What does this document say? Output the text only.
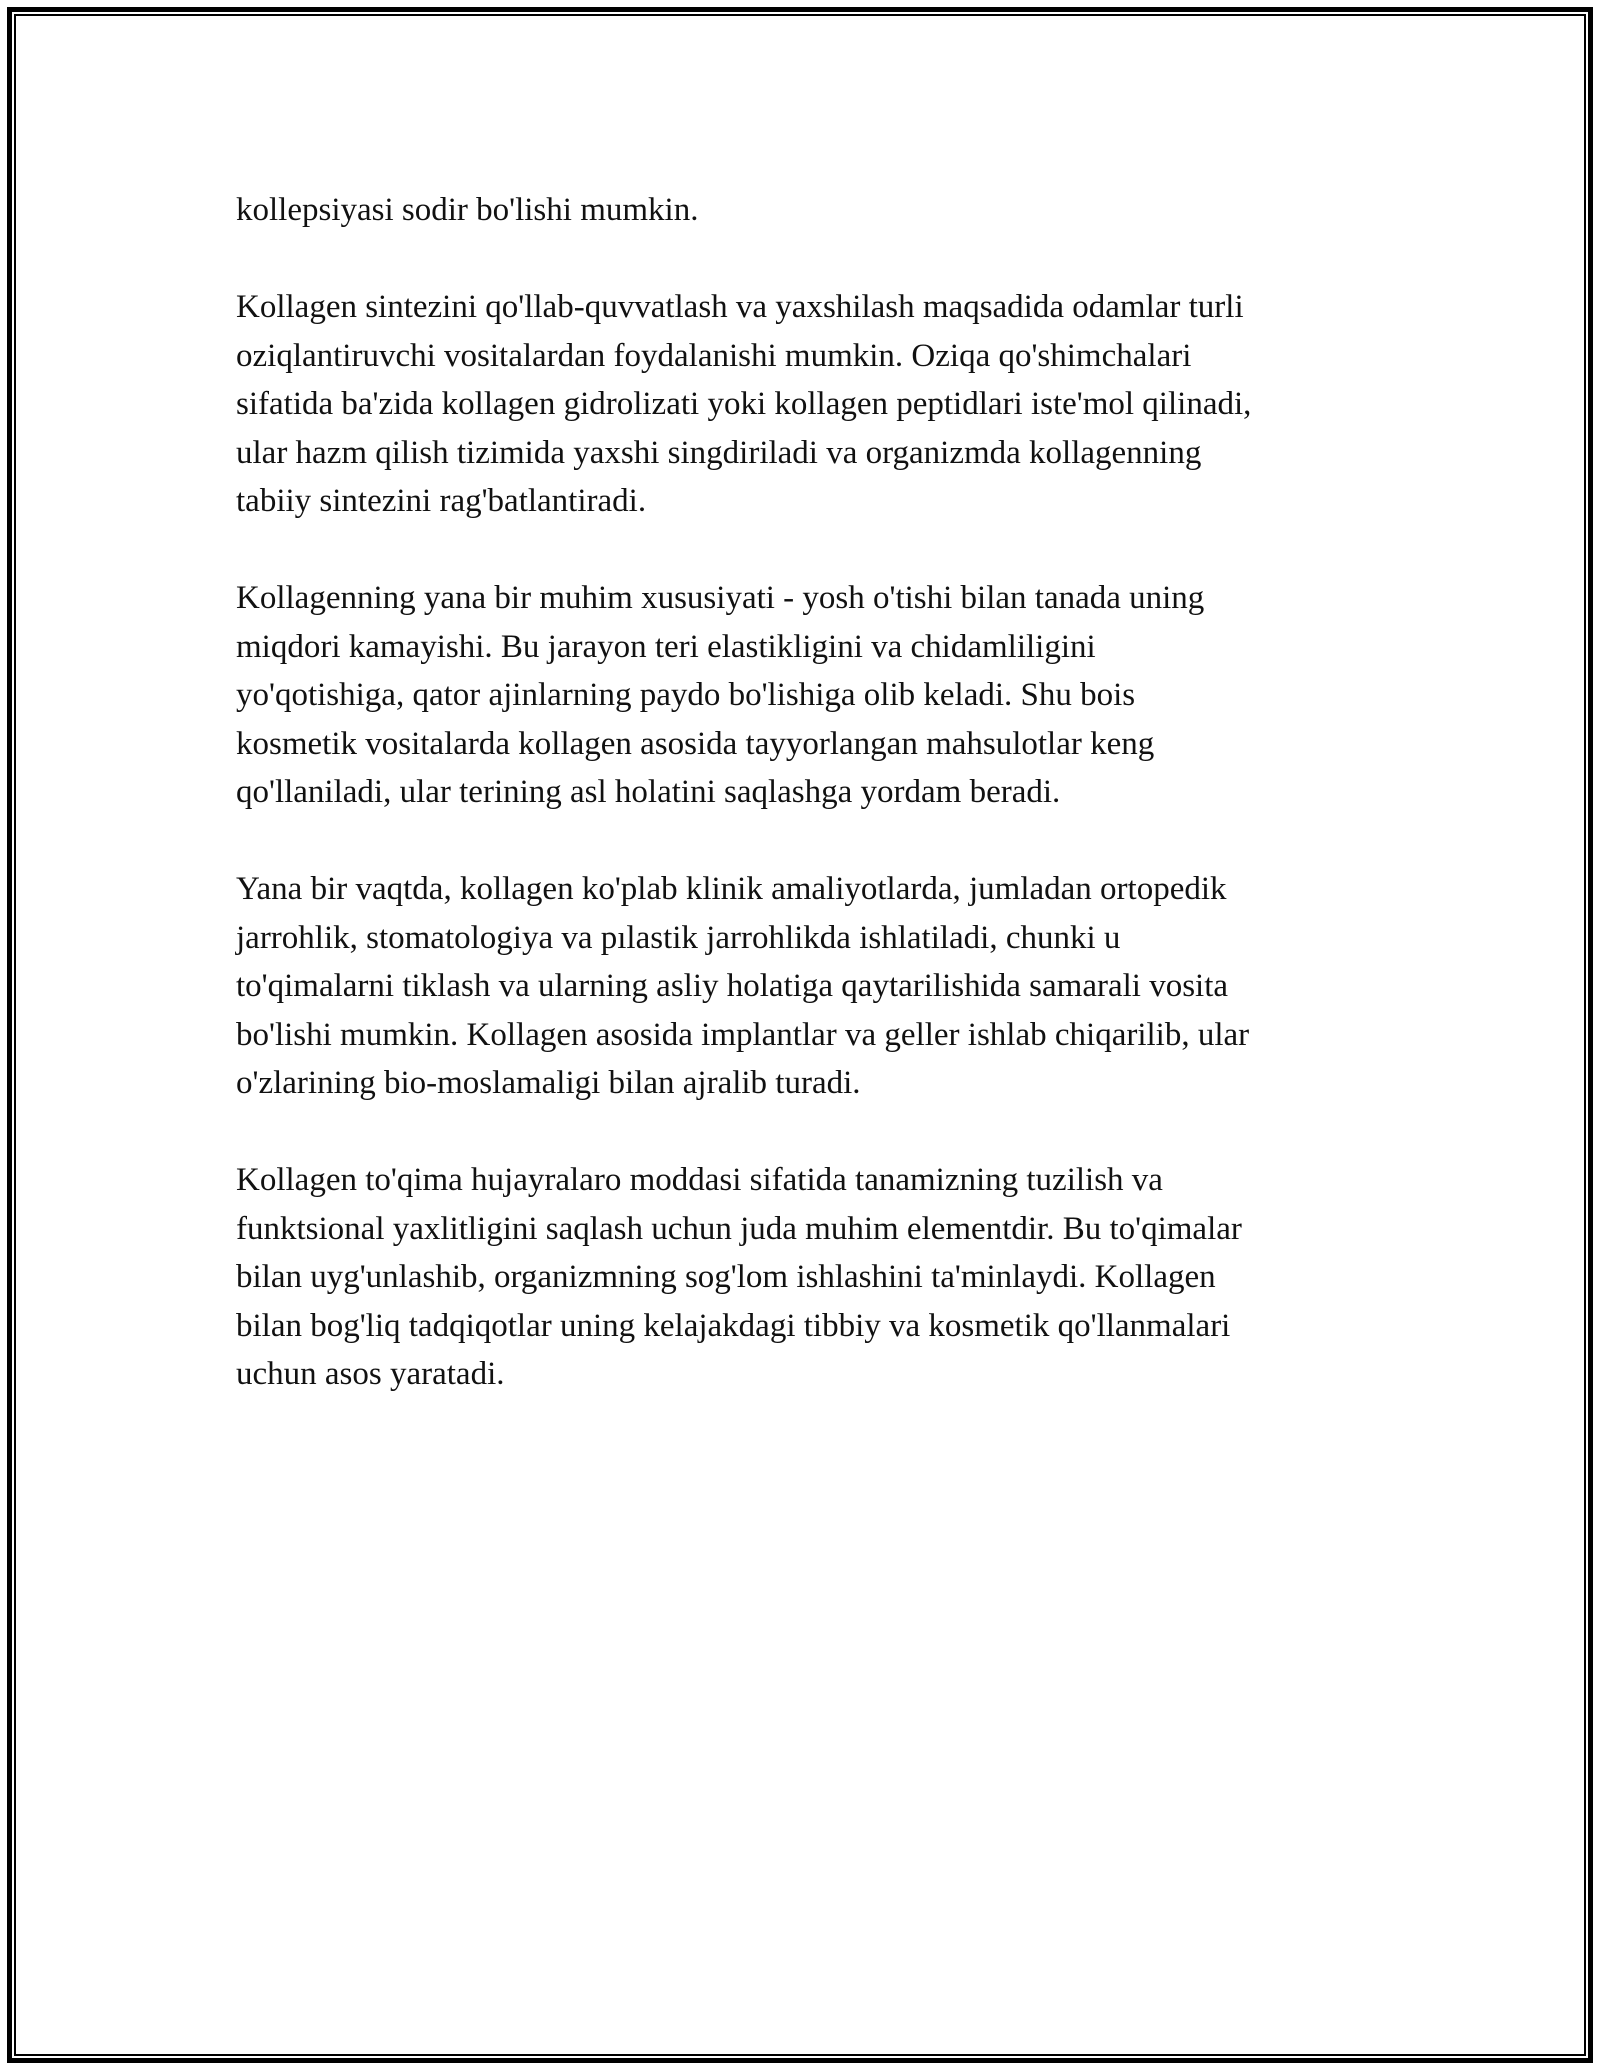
kollepsiyasi sodir bo'lishi mumkin.

Kollagen sintezini qo'llab-quvvatlash va yaxshilash maqsadida odamlar turli
oziqlantiruvchi vositalardan foydalanishi mumkin. Oziqa qo'shimchalari
sifatida ba'zida kollagen gidrolizati yoki kollagen peptidlari iste'mol qilinadi,
ular hazm qilish tizimida yaxshi singdiriladi va organizmda kollagenning
tabiiy sintezini rag'batlantiradi.

Kollagenning yana bir muhim xususiyati - yosh o'tishi bilan tanada uning
miqdori kamayishi. Bu jarayon teri elastikligini va chidamliligini
yo'qotishiga, qator ajinlarning paydo bo'lishiga olib keladi. Shu bois
kosmetik vositalarda kollagen asosida tayyorlangan mahsulotlar keng
qo'llaniladi, ular terining asl holatini saqlashga yordam beradi.

Yana bir vaqtda, kollagen ko'plab klinik amaliyotlarda, jumladan ortopedik
jarrohlik, stomatologiya va pılastik jarrohlikda ishlatiladi, chunki u
to'qimalarni tiklash va ularning asliy holatiga qaytarilishida samarali vosita
bo'lishi mumkin. Kollagen asosida implantlar va geller ishlab chiqarilib, ular
o'zlarining bio-moslamaligi bilan ajralib turadi.

Kollagen to'qima hujayralaro moddasi sifatida tanamizning tuzilish va
funktsional yaxlitligini saqlash uchun juda muhim elementdir. Bu to'qimalar
bilan uyg'unlashib, organizmning sog'lom ishlashini ta'minlaydi. Kollagen
bilan bog'liq tadqiqotlar uning kelajakdagi tibbiy va kosmetik qo'llanmalari
uchun asos yaratadi.
